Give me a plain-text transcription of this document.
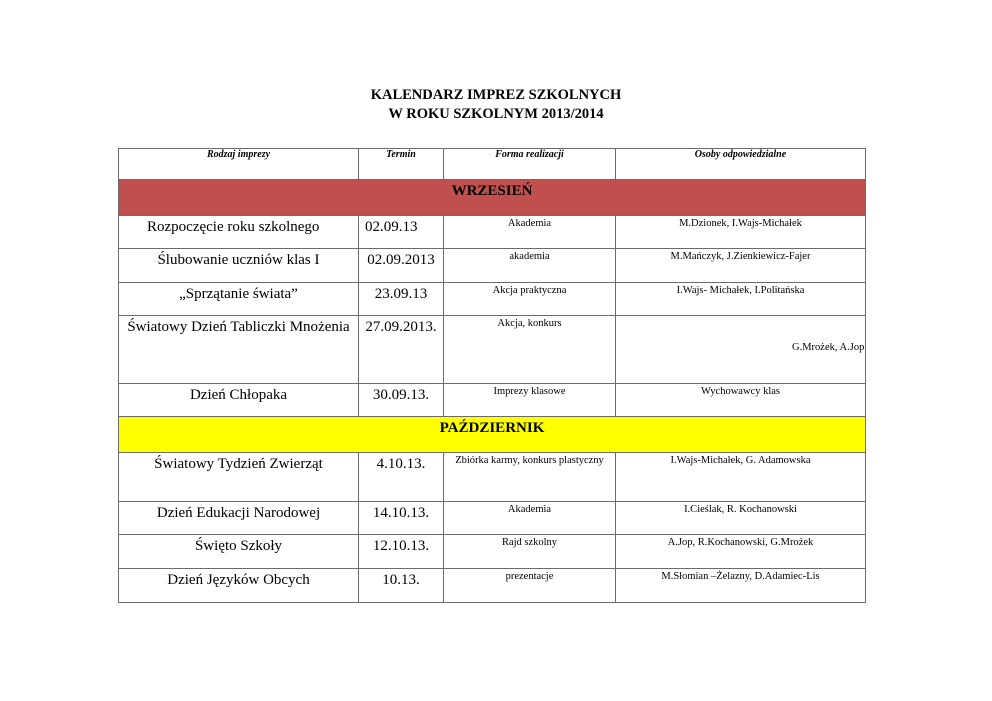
KALENDARZ IMPREZ SZKOLNYCH
W ROKU SZKOLNYM 2013/2014
Rodzaj imprezy	Termin	Forma realizacji	Osoby odpowiedzialne
WRZESIEŃ			
Rozpoczęcie roku szkolnego	02.09.13	Akademia	M.Dzionek, I.Wajs-Michałek
Ślubowanie uczniów klas I	02.09.2013	akademia	M.Mańczyk, J.Zienkiewicz-Fajer
„Sprzątanie świata”	23.09.13	Akcja praktyczna	I.Wajs- Michałek, I.Politańska
Światowy Dzień Tabliczki Mnożenia	27.09.2013.	Akcja, konkurs	G.Mrożek, A.Jop
Dzień Chłopaka	30.09.13.	Imprezy klasowe	Wychowawcy klas
PAŹDZIERNIK			
Światowy Tydzień Zwierząt	4.10.13.	Zbiórka karmy, konkurs plastyczny	I.Wajs-Michałek, G. Adamowska
Dzień Edukacji Narodowej	14.10.13.	Akademia	I.Cieślak, R. Kochanowski
Święto Szkoły	12.10.13.	Rajd szkolny	A.Jop, R.Kochanowski, G.Mrożek
Dzień Języków Obcych	10.13.	prezentacje	M.Słomian –Żelazny, D.Adamiec-Lis
